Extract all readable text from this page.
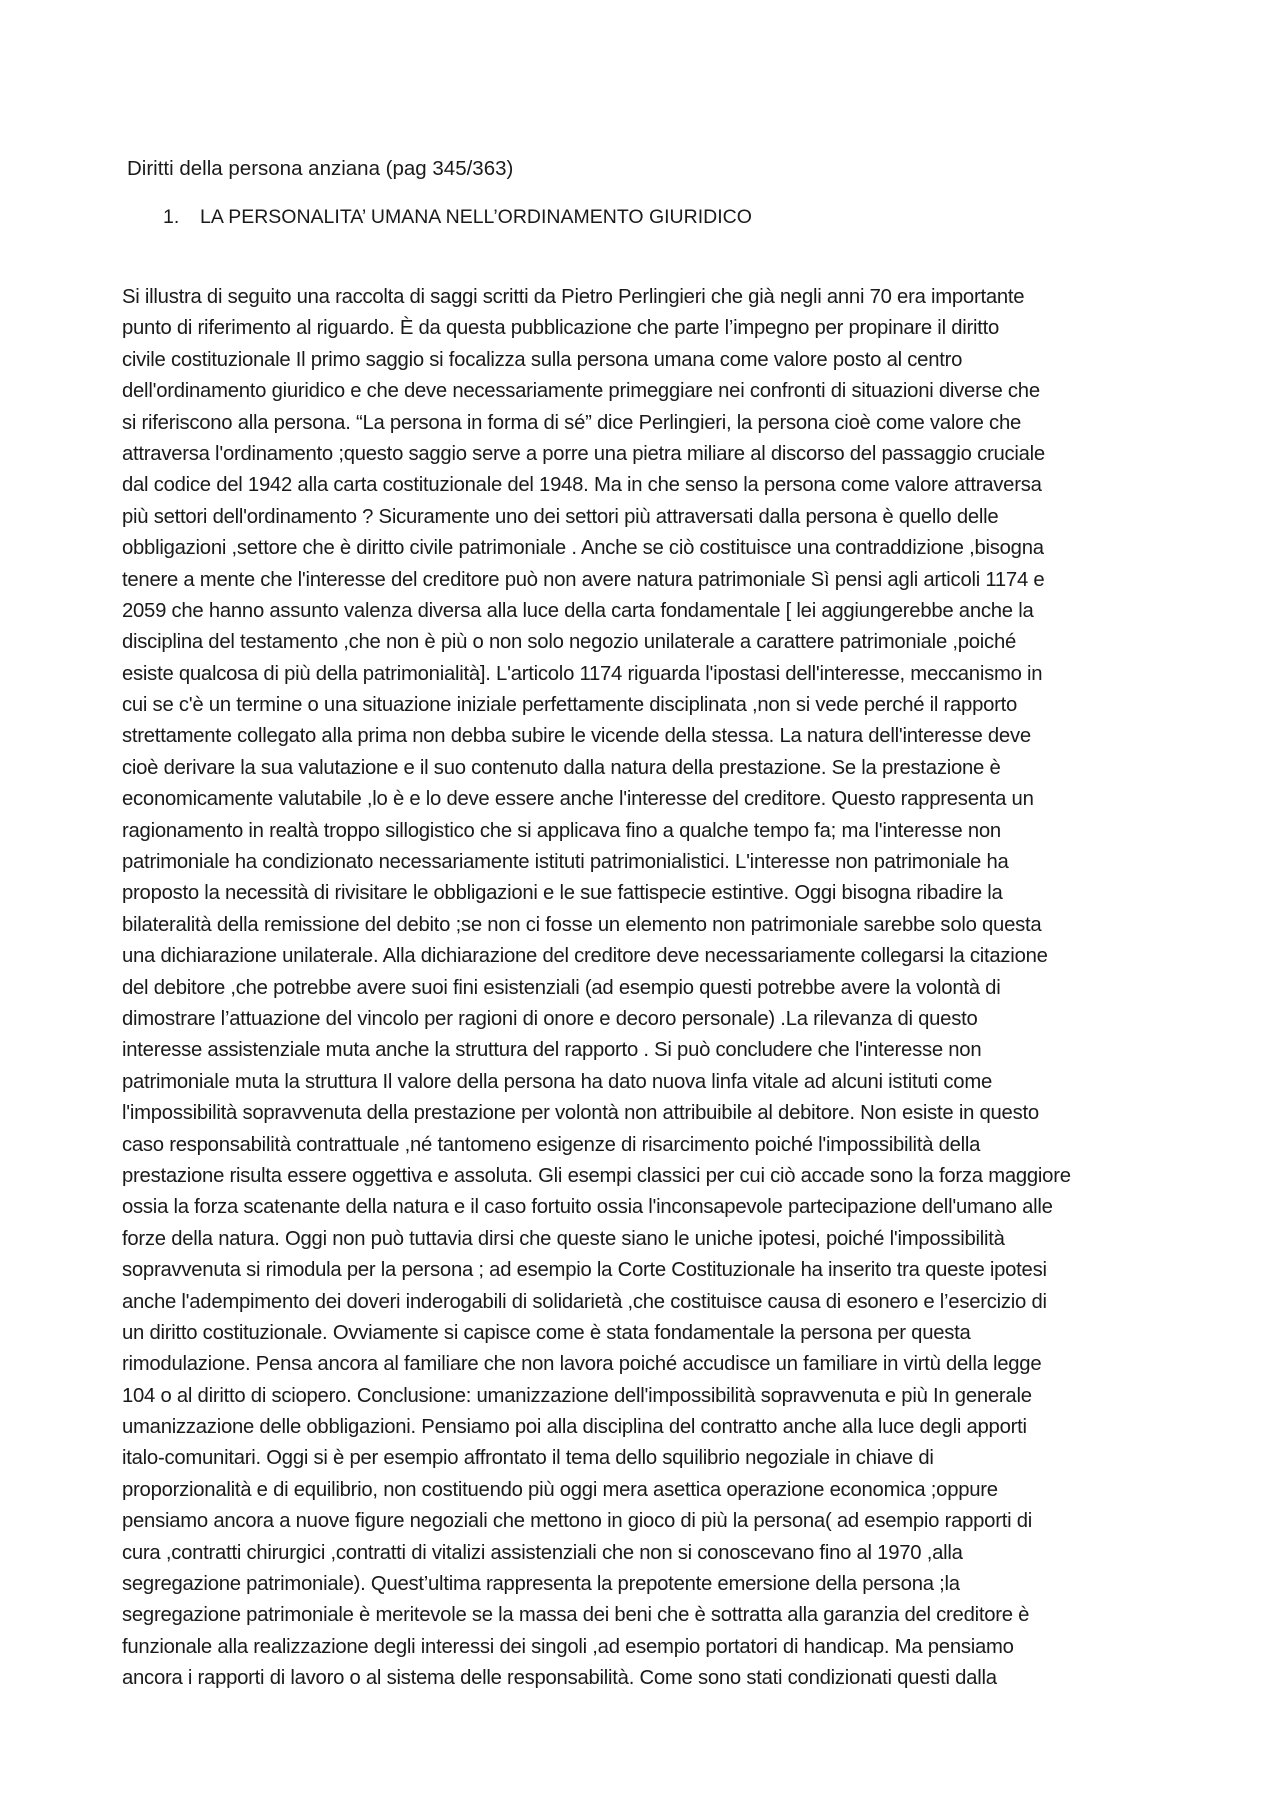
Diritti della persona anziana (pag 345/363)
1. LA PERSONALITA’ UMANA NELL’ORDINAMENTO GIURIDICO
Si illustra di seguito una raccolta di saggi scritti da Pietro Perlingieri che già negli anni 70 era importante
punto di riferimento al riguardo. È da questa pubblicazione che parte l’impegno per propinare il diritto
civile costituzionale Il primo saggio si focalizza sulla persona umana come valore posto al centro
dell'ordinamento giuridico e che deve necessariamente primeggiare nei confronti di situazioni diverse che
si riferiscono alla persona. “La persona in forma di sé” dice Perlingieri, la persona cioè come valore che
attraversa l'ordinamento ;questo saggio serve a porre una pietra miliare al discorso del passaggio cruciale
dal codice del 1942 alla carta costituzionale del 1948. Ma in che senso la persona come valore attraversa
più settori dell'ordinamento ? Sicuramente uno dei settori più attraversati dalla persona è quello delle
obbligazioni ,settore che è diritto civile patrimoniale . Anche se ciò costituisce una contraddizione ,bisogna
tenere a mente che l'interesse del creditore può non avere natura patrimoniale Sì pensi agli articoli 1174 e
2059 che hanno assunto valenza diversa alla luce della carta fondamentale [ lei aggiungerebbe anche la
disciplina del testamento ,che non è più o non solo negozio unilaterale a carattere patrimoniale ,poiché
esiste qualcosa di più della patrimonialità]. L'articolo 1174 riguarda l'ipostasi dell'interesse, meccanismo in
cui se c'è un termine o una situazione iniziale perfettamente disciplinata ,non si vede perché il rapporto
strettamente collegato alla prima non debba subire le vicende della stessa. La natura dell'interesse deve
cioè derivare la sua valutazione e il suo contenuto dalla natura della prestazione. Se la prestazione è
economicamente valutabile ,lo è e lo deve essere anche l'interesse del creditore. Questo rappresenta un
ragionamento in realtà troppo sillogistico che si applicava fino a qualche tempo fa; ma l'interesse non
patrimoniale ha condizionato necessariamente istituti patrimonialistici. L'interesse non patrimoniale ha
proposto la necessità di rivisitare le obbligazioni e le sue fattispecie estintive. Oggi bisogna ribadire la
bilateralità della remissione del debito ;se non ci fosse un elemento non patrimoniale sarebbe solo questa
una dichiarazione unilaterale. Alla dichiarazione del creditore deve necessariamente collegarsi la citazione
del debitore ,che potrebbe avere suoi fini esistenziali (ad esempio questi potrebbe avere la volontà di
dimostrare l’attuazione del vincolo per ragioni di onore e decoro personale) .La rilevanza di questo
interesse assistenziale muta anche la struttura del rapporto . Si può concludere che l'interesse non
patrimoniale muta la struttura Il valore della persona ha dato nuova linfa vitale ad alcuni istituti come
l'impossibilità sopravvenuta della prestazione per volontà non attribuibile al debitore. Non esiste in questo
caso responsabilità contrattuale ,né tantomeno esigenze di risarcimento poiché l'impossibilità della
prestazione risulta essere oggettiva e assoluta. Gli esempi classici per cui ciò accade sono la forza maggiore
ossia la forza scatenante della natura e il caso fortuito ossia l'inconsapevole partecipazione dell'umano alle
forze della natura. Oggi non può tuttavia dirsi che queste siano le uniche ipotesi, poiché l'impossibilità
sopravvenuta si rimodula per la persona ; ad esempio la Corte Costituzionale ha inserito tra queste ipotesi
anche l'adempimento dei doveri inderogabili di solidarietà ,che costituisce causa di esonero e l’esercizio di
un diritto costituzionale. Ovviamente si capisce come è stata fondamentale la persona per questa
rimodulazione. Pensa ancora al familiare che non lavora poiché accudisce un familiare in virtù della legge
104 o al diritto di sciopero. Conclusione: umanizzazione dell'impossibilità sopravvenuta e più In generale
umanizzazione delle obbligazioni. Pensiamo poi alla disciplina del contratto anche alla luce degli apporti
italo-comunitari. Oggi si è per esempio affrontato il tema dello squilibrio negoziale in chiave di
proporzionalità e di equilibrio, non costituendo più oggi mera asettica operazione economica ;oppure
pensiamo ancora a nuove figure negoziali che mettono in gioco di più la persona( ad esempio rapporti di
cura ,contratti chirurgici ,contratti di vitalizi assistenziali che non si conoscevano fino al 1970 ,alla
segregazione patrimoniale). Quest’ultima rappresenta la prepotente emersione della persona ;la
segregazione patrimoniale è meritevole se la massa dei beni che è sottratta alla garanzia del creditore è
funzionale alla realizzazione degli interessi dei singoli ,ad esempio portatori di handicap. Ma pensiamo
ancora i rapporti di lavoro o al sistema delle responsabilità. Come sono stati condizionati questi dalla
